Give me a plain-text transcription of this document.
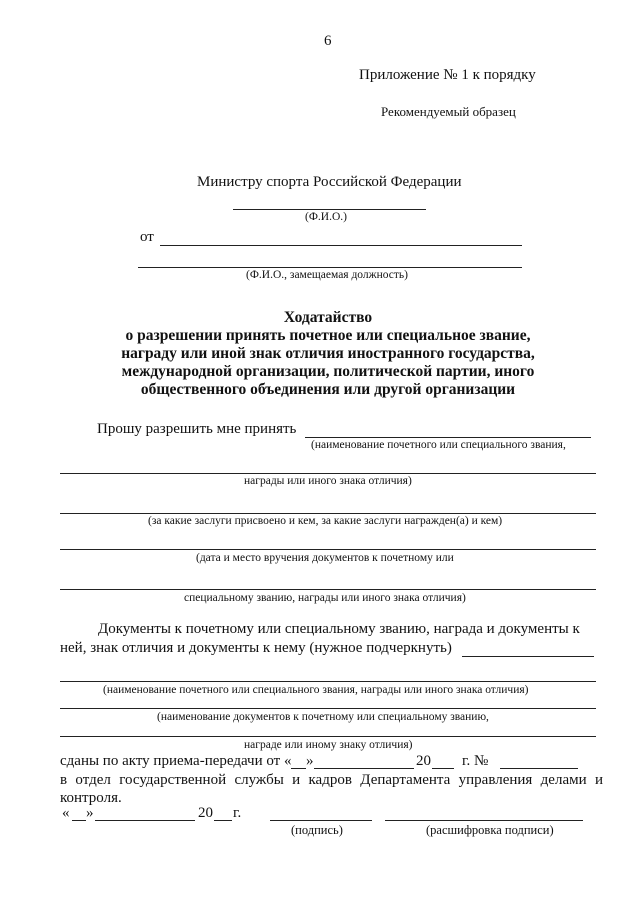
6
Приложение № 1 к порядку
Рекомендуемый образец
Министру спорта Российской Федерации
(Ф.И.О.)
от
(Ф.И.О., замещаемая должность)
Ходатайство
о разрешении принять почетное или специальное звание,
награду или иной знак отличия иностранного государства,
международной организации, политической партии, иного
общественного объединения или другой организации
Прошу разрешить мне принять
(наименование почетного или специального звания,
награды или иного знака отличия)
(за какие заслуги присвоено и кем, за какие заслуги награжден(а) и кем)
(дата и место вручения документов к почетному или
специальному званию, награды или иного знака отличия)
Документы к почетному или специальному званию, награда и документы к
ней, знак отличия и документы к нему (нужное подчеркнуть)
(наименование почетного или специального звания, награды или иного знака отличия)
(наименование документов к почетному или специальному званию,
награде или иному знаку отличия)
сданы по акту приема-передачи от « »	20 г. №
в отдел государственной службы и кадров Департамента управления делами и контроля.
« »	20 г.
(подпись)	(расшифровка подписи)
